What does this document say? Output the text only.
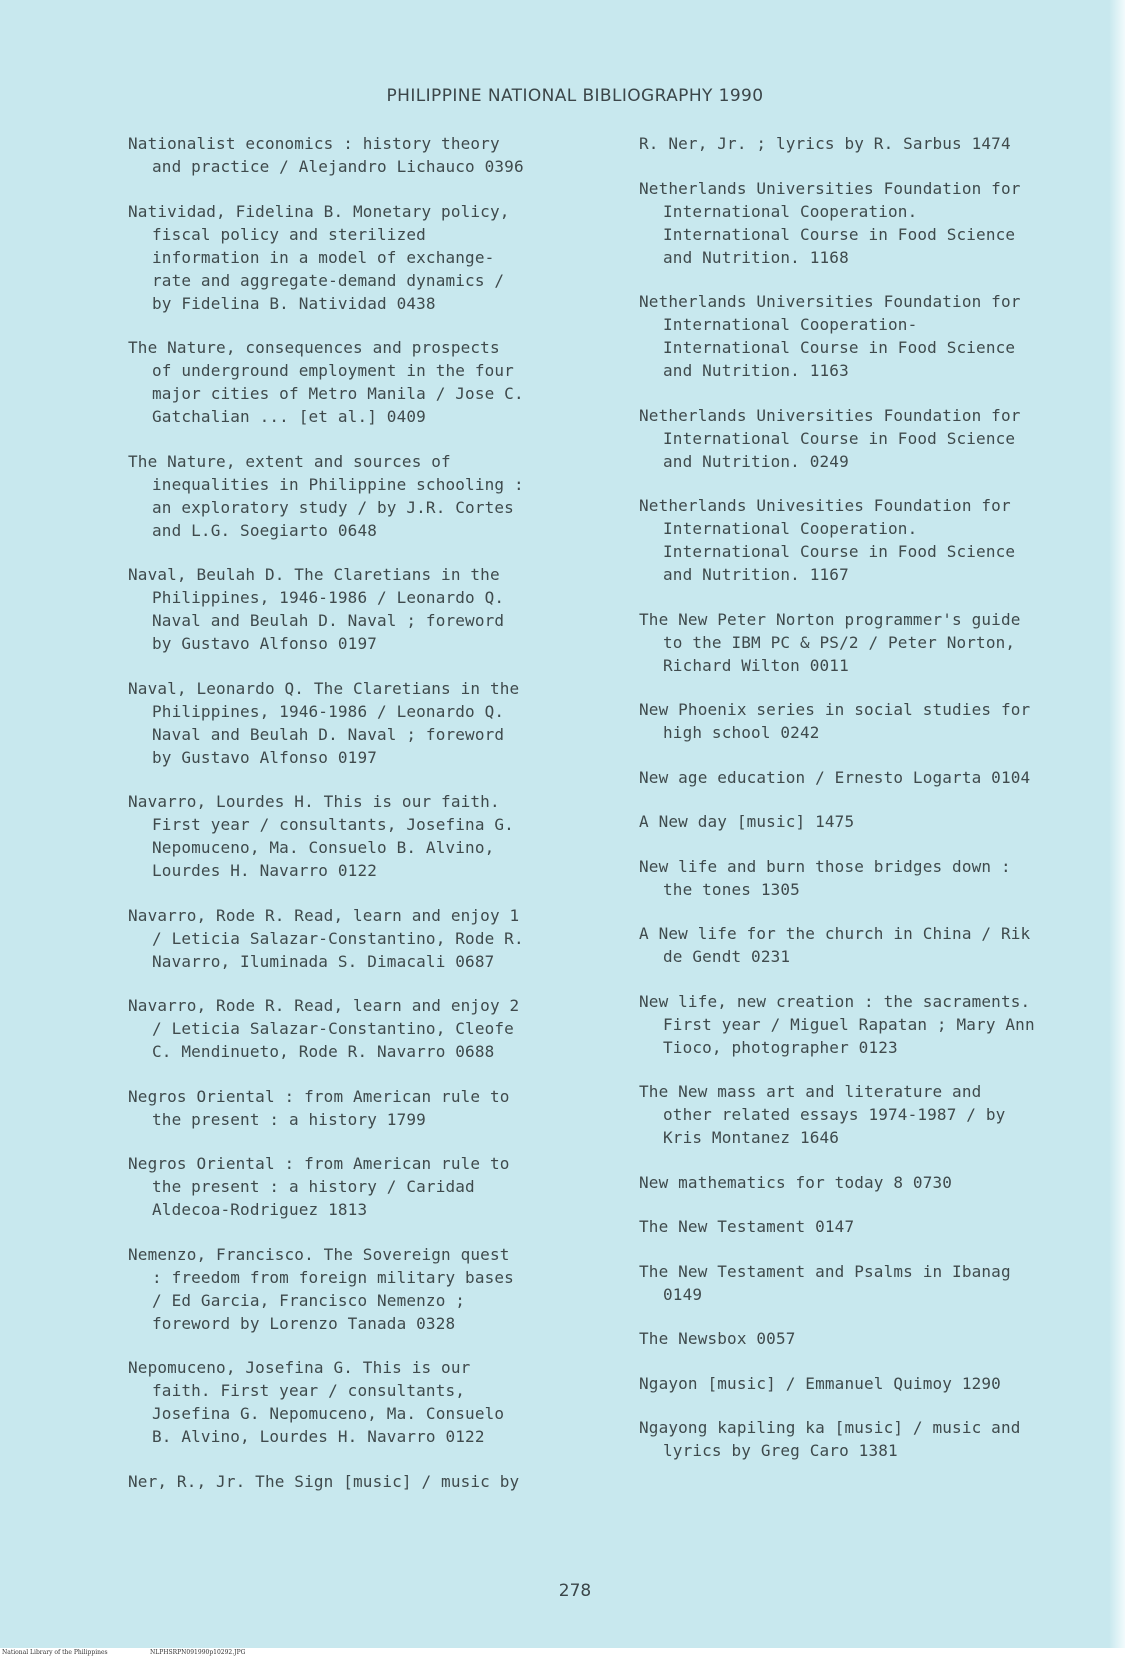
PHILIPPINE NATIONAL BIBLIOGRAPHY 1990
Nationalist economics : history theory
and practice / Alejandro Lichauco 0396
Natividad, Fidelina B. Monetary policy,
fiscal policy and sterilized
information in a model of exchange-
rate and aggregate-demand dynamics /
by Fidelina B. Natividad 0438
The Nature, consequences and prospects
of underground employment in the four
major cities of Metro Manila / Jose C.
Gatchalian ... [et al.] 0409
The Nature, extent and sources of
inequalities in Philippine schooling :
an exploratory study / by J.R. Cortes
and L.G. Soegiarto 0648
Naval, Beulah D. The Claretians in the
Philippines, 1946-1986 / Leonardo Q.
Naval and Beulah D. Naval ; foreword
by Gustavo Alfonso 0197
Naval, Leonardo Q. The Claretians in the
Philippines, 1946-1986 / Leonardo Q.
Naval and Beulah D. Naval ; foreword
by Gustavo Alfonso 0197
Navarro, Lourdes H. This is our faith.
First year / consultants, Josefina G.
Nepomuceno, Ma. Consuelo B. Alvino,
Lourdes H. Navarro 0122
Navarro, Rode R. Read, learn and enjoy 1
/ Leticia Salazar-Constantino, Rode R.
Navarro, Iluminada S. Dimacali 0687
Navarro, Rode R. Read, learn and enjoy 2
/ Leticia Salazar-Constantino, Cleofe
C. Mendinueto, Rode R. Navarro 0688
Negros Oriental : from American rule to
the present : a history 1799
Negros Oriental : from American rule to
the present : a history / Caridad
Aldecoa-Rodriguez 1813
Nemenzo, Francisco. The Sovereign quest
: freedom from foreign military bases
/ Ed Garcia, Francisco Nemenzo ;
foreword by Lorenzo Tanada 0328
Nepomuceno, Josefina G. This is our
faith. First year / consultants,
Josefina G. Nepomuceno, Ma. Consuelo
B. Alvino, Lourdes H. Navarro 0122
Ner, R., Jr. The Sign [music] / music by
R. Ner, Jr. ; lyrics by R. Sarbus 1474
Netherlands Universities Foundation for
International Cooperation.
International Course in Food Science
and Nutrition. 1168
Netherlands Universities Foundation for
International Cooperation-
International Course in Food Science
and Nutrition. 1163
Netherlands Universities Foundation for
International Course in Food Science
and Nutrition. 0249
Netherlands Univesities Foundation for
International Cooperation.
International Course in Food Science
and Nutrition. 1167
The New Peter Norton programmer's guide
to the IBM PC & PS/2 / Peter Norton,
Richard Wilton 0011
New Phoenix series in social studies for
high school 0242
New age education / Ernesto Logarta 0104
A New day [music] 1475
New life and burn those bridges down :
the tones 1305
A New life for the church in China / Rik
de Gendt 0231
New life, new creation : the sacraments.
First year / Miguel Rapatan ; Mary Ann
Tioco, photographer 0123
The New mass art and literature and
other related essays 1974-1987 / by
Kris Montanez 1646
New mathematics for today 8 0730
The New Testament 0147
The New Testament and Psalms in Ibanag
0149
The Newsbox 0057
Ngayon [music] / Emmanuel Quimoy 1290
Ngayong kapiling ka [music] / music and
lyrics by Greg Caro 1381
278
National Library of the Philippines	NLPHSRPN091990p10292.JPG
